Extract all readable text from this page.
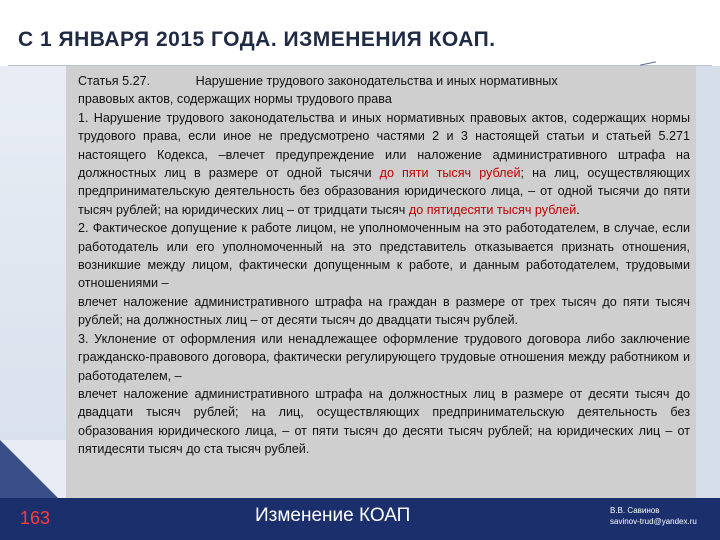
С 1 ЯНВАРЯ 2015 ГОДА. ИЗМЕНЕНИЯ КОАП.

Статья 5.27.	Нарушение трудового законодательства и иных нормативных
правовых актов, содержащих нормы трудового права

1. Нарушение трудового законодательства и иных нормативных правовых актов, содержащих нормы трудового права, если иное не предусмотрено частями 2 и 3 настоящей статьи и статьей 5.271 настоящего Кодекса, –влечет предупреждение или наложение административного штрафа на должностных лиц в размере от одной тысячи до пяти тысяч рублей; на лиц, осуществляющих предпринимательскую деятельность без образования юридического лица, – от одной тысячи до пяти тысяч рублей; на юридических лиц – от тридцати тысяч до пятидесяти тысяч рублей.

2. Фактическое допущение к работе лицом, не уполномоченным на это работодателем, в случае, если работодатель или его уполномоченный на это представитель отказывается признать отношения, возникшие между лицом, фактически допущенным к работе, и данным работодателем, трудовыми отношениями –

влечет наложение административного штрафа на граждан в размере от трех тысяч до пяти тысяч рублей; на должностных лиц – от десяти тысяч до двадцати тысяч рублей.

3. Уклонение от оформления или ненадлежащее оформление трудового договора либо заключение гражданско-правового договора, фактически регулирующего трудовые отношения между работником и работодателем, –

влечет наложение административного штрафа на должностных лиц в размере от десяти тысяч до двадцати тысяч рублей; на лиц, осуществляющих предпринимательскую деятельность без образования юридического лица, – от пяти тысяч до десяти тысяч рублей; на юридических лиц – от пятидесяти тысяч до ста тысяч рублей.

163	Изменение КОАП	В.В. Савинов
savinov-trud@yandex.ru
